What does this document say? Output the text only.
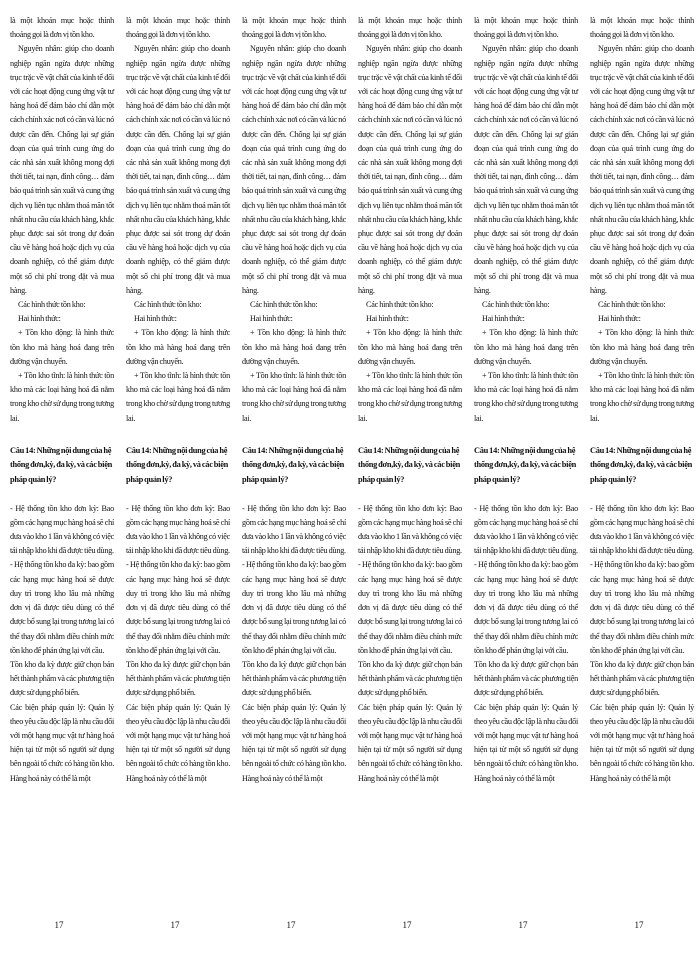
là một khoản mục hoặc thỉnh thoảng gọi là đơn vị tồn kho.

Nguyên nhân: giúp cho doanh nghiệp ngăn ngừa được những trục trặc về vật chất của kinh tế đối với các hoạt động cung ứng vật tư hàng hoá để đảm bảo chỉ dẫn một cách chính xác nơi có cần và lúc nó được cần đến. Chống lại sự gián đoạn của quá trình cung ứng do các nhà sản xuất không mong đợi thời tiết, tai nạn, đình công… đảm bảo quá trình sản xuất và cung ứng dịch vụ liên tục nhằm thoả mãn tốt nhất nhu cầu của khách hàng, khắc phục được sai sót trong dự đoán cầu về hàng hoá hoặc dịch vụ của doanh nghiệp, có thể giảm được một số chi phí trong đặt và mua hàng.

Các hình thức tồn kho:

Hai hình thức:

+ Tồn kho động: là hình thức tồn kho mà hàng hoá đang trên đường vận chuyển.

+ Tồn kho tĩnh: là hình thức tồn kho mà các loại hàng hoá đã nằm trong kho chờ sử dụng trong tương lai.

Câu 14: Những nội dung của hệ thống đơn,kỳ, đa kỳ, và các biện pháp quản lý?

- Hệ thống tồn kho đơn kỳ: Bao gồm các hạng mục hàng hoá sẽ chỉ đưa vào kho 1 lần và không có việc tái nhập kho khi đã được tiêu dùng.

- Hệ thống tồn kho đa kỳ: bao gồm các hạng mục hàng hoá sẽ được duy trì trong kho lâu mà những đơn vị đã được tiêu dùng có thể được bổ sung lại trong tương lai có thể thay đổi nhằm điều chỉnh mức tồn kho để phản ứng lại với cầu.

Tồn kho đa kỳ được giữ chọn bán hết thành phẩm và các phương tiện được sử dụng phổ biến.

Các biện pháp quản lý: Quản lý theo yêu cầu độc lập là nhu cầu đối với một hạng mục vật tư hàng hoá hiện tại từ một số người sử dụng bên ngoài tổ chức có hàng tồn kho. Hàng hoá này có thể là một

17

là một khoản mục hoặc thỉnh thoảng gọi là đơn vị tồn kho.

Nguyên nhân: giúp cho doanh nghiệp ngăn ngừa được những trục trặc về vật chất của kinh tế đối với các hoạt động cung ứng vật tư hàng hoá để đảm bảo chỉ dẫn một cách chính xác nơi có cần và lúc nó được cần đến. Chống lại sự gián đoạn của quá trình cung ứng do các nhà sản xuất không mong đợi thời tiết, tai nạn, đình công… đảm bảo quá trình sản xuất và cung ứng dịch vụ liên tục nhằm thoả mãn tốt nhất nhu cầu của khách hàng, khắc phục được sai sót trong dự đoán cầu về hàng hoá hoặc dịch vụ của doanh nghiệp, có thể giảm được một số chi phí trong đặt và mua hàng.

Các hình thức tồn kho:

Hai hình thức:

+ Tồn kho động: là hình thức tồn kho mà hàng hoá đang trên đường vận chuyển.

+ Tồn kho tĩnh: là hình thức tồn kho mà các loại hàng hoá đã nằm trong kho chờ sử dụng trong tương lai.

Câu 14: Những nội dung của hệ thống đơn,kỳ, đa kỳ, và các biện pháp quản lý?

- Hệ thống tồn kho đơn kỳ: Bao gồm các hạng mục hàng hoá sẽ chỉ đưa vào kho 1 lần và không có việc tái nhập kho khi đã được tiêu dùng.

- Hệ thống tồn kho đa kỳ: bao gồm các hạng mục hàng hoá sẽ được duy trì trong kho lâu mà những đơn vị đã được tiêu dùng có thể được bổ sung lại trong tương lai có thể thay đổi nhằm điều chỉnh mức tồn kho để phản ứng lại với cầu.

Tồn kho đa kỳ được giữ chọn bán hết thành phẩm và các phương tiện được sử dụng phổ biến.

Các biện pháp quản lý: Quản lý theo yêu cầu độc lập là nhu cầu đối với một hạng mục vật tư hàng hoá hiện tại từ một số người sử dụng bên ngoài tổ chức có hàng tồn kho. Hàng hoá này có thể là một

17

là một khoản mục hoặc thỉnh thoảng gọi là đơn vị tồn kho.

Nguyên nhân: giúp cho doanh nghiệp ngăn ngừa được những trục trặc về vật chất của kinh tế đối với các hoạt động cung ứng vật tư hàng hoá để đảm bảo chỉ dẫn một cách chính xác nơi có cần và lúc nó được cần đến. Chống lại sự gián đoạn của quá trình cung ứng do các nhà sản xuất không mong đợi thời tiết, tai nạn, đình công… đảm bảo quá trình sản xuất và cung ứng dịch vụ liên tục nhằm thoả mãn tốt nhất nhu cầu của khách hàng, khắc phục được sai sót trong dự đoán cầu về hàng hoá hoặc dịch vụ của doanh nghiệp, có thể giảm được một số chi phí trong đặt và mua hàng.

Các hình thức tồn kho:

Hai hình thức:

+ Tồn kho động: là hình thức tồn kho mà hàng hoá đang trên đường vận chuyển.

+ Tồn kho tĩnh: là hình thức tồn kho mà các loại hàng hoá đã nằm trong kho chờ sử dụng trong tương lai.

Câu 14: Những nội dung của hệ thống đơn,kỳ, đa kỳ, và các biện pháp quản lý?

- Hệ thống tồn kho đơn kỳ: Bao gồm các hạng mục hàng hoá sẽ chỉ đưa vào kho 1 lần và không có việc tái nhập kho khi đã được tiêu dùng.

- Hệ thống tồn kho đa kỳ: bao gồm các hạng mục hàng hoá sẽ được duy trì trong kho lâu mà những đơn vị đã được tiêu dùng có thể được bổ sung lại trong tương lai có thể thay đổi nhằm điều chỉnh mức tồn kho để phản ứng lại với cầu.

Tồn kho đa kỳ được giữ chọn bán hết thành phẩm và các phương tiện được sử dụng phổ biến.

Các biện pháp quản lý: Quản lý theo yêu cầu độc lập là nhu cầu đối với một hạng mục vật tư hàng hoá hiện tại từ một số người sử dụng bên ngoài tổ chức có hàng tồn kho. Hàng hoá này có thể là một

17

là một khoản mục hoặc thỉnh thoảng gọi là đơn vị tồn kho.

Nguyên nhân: giúp cho doanh nghiệp ngăn ngừa được những trục trặc về vật chất của kinh tế đối với các hoạt động cung ứng vật tư hàng hoá để đảm bảo chỉ dẫn một cách chính xác nơi có cần và lúc nó được cần đến. Chống lại sự gián đoạn của quá trình cung ứng do các nhà sản xuất không mong đợi thời tiết, tai nạn, đình công… đảm bảo quá trình sản xuất và cung ứng dịch vụ liên tục nhằm thoả mãn tốt nhất nhu cầu của khách hàng, khắc phục được sai sót trong dự đoán cầu về hàng hoá hoặc dịch vụ của doanh nghiệp, có thể giảm được một số chi phí trong đặt và mua hàng.

Các hình thức tồn kho:

Hai hình thức:

+ Tồn kho động: là hình thức tồn kho mà hàng hoá đang trên đường vận chuyển.

+ Tồn kho tĩnh: là hình thức tồn kho mà các loại hàng hoá đã nằm trong kho chờ sử dụng trong tương lai.

Câu 14: Những nội dung của hệ thống đơn,kỳ, đa kỳ, và các biện pháp quản lý?

- Hệ thống tồn kho đơn kỳ: Bao gồm các hạng mục hàng hoá sẽ chỉ đưa vào kho 1 lần và không có việc tái nhập kho khi đã được tiêu dùng.

- Hệ thống tồn kho đa kỳ: bao gồm các hạng mục hàng hoá sẽ được duy trì trong kho lâu mà những đơn vị đã được tiêu dùng có thể được bổ sung lại trong tương lai có thể thay đổi nhằm điều chỉnh mức tồn kho để phản ứng lại với cầu.

Tồn kho đa kỳ được giữ chọn bán hết thành phẩm và các phương tiện được sử dụng phổ biến.

Các biện pháp quản lý: Quản lý theo yêu cầu độc lập là nhu cầu đối với một hạng mục vật tư hàng hoá hiện tại từ một số người sử dụng bên ngoài tổ chức có hàng tồn kho. Hàng hoá này có thể là một

17

là một khoản mục hoặc thỉnh thoảng gọi là đơn vị tồn kho.

Nguyên nhân: giúp cho doanh nghiệp ngăn ngừa được những trục trặc về vật chất của kinh tế đối với các hoạt động cung ứng vật tư hàng hoá để đảm bảo chỉ dẫn một cách chính xác nơi có cần và lúc nó được cần đến. Chống lại sự gián đoạn của quá trình cung ứng do các nhà sản xuất không mong đợi thời tiết, tai nạn, đình công… đảm bảo quá trình sản xuất và cung ứng dịch vụ liên tục nhằm thoả mãn tốt nhất nhu cầu của khách hàng, khắc phục được sai sót trong dự đoán cầu về hàng hoá hoặc dịch vụ của doanh nghiệp, có thể giảm được một số chi phí trong đặt và mua hàng.

Các hình thức tồn kho:

Hai hình thức:

+ Tồn kho động: là hình thức tồn kho mà hàng hoá đang trên đường vận chuyển.

+ Tồn kho tĩnh: là hình thức tồn kho mà các loại hàng hoá đã nằm trong kho chờ sử dụng trong tương lai.

Câu 14: Những nội dung của hệ thống đơn,kỳ, đa kỳ, và các biện pháp quản lý?

- Hệ thống tồn kho đơn kỳ: Bao gồm các hạng mục hàng hoá sẽ chỉ đưa vào kho 1 lần và không có việc tái nhập kho khi đã được tiêu dùng.

- Hệ thống tồn kho đa kỳ: bao gồm các hạng mục hàng hoá sẽ được duy trì trong kho lâu mà những đơn vị đã được tiêu dùng có thể được bổ sung lại trong tương lai có thể thay đổi nhằm điều chỉnh mức tồn kho để phản ứng lại với cầu.

Tồn kho đa kỳ được giữ chọn bán hết thành phẩm và các phương tiện được sử dụng phổ biến.

Các biện pháp quản lý: Quản lý theo yêu cầu độc lập là nhu cầu đối với một hạng mục vật tư hàng hoá hiện tại từ một số người sử dụng bên ngoài tổ chức có hàng tồn kho. Hàng hoá này có thể là một

17

là một khoản mục hoặc thỉnh thoảng gọi là đơn vị tồn kho.

Nguyên nhân: giúp cho doanh nghiệp ngăn ngừa được những trục trặc về vật chất của kinh tế đối với các hoạt động cung ứng vật tư hàng hoá để đảm bảo chỉ dẫn một cách chính xác nơi có cần và lúc nó được cần đến. Chống lại sự gián đoạn của quá trình cung ứng do các nhà sản xuất không mong đợi thời tiết, tai nạn, đình công… đảm bảo quá trình sản xuất và cung ứng dịch vụ liên tục nhằm thoả mãn tốt nhất nhu cầu của khách hàng, khắc phục được sai sót trong dự đoán cầu về hàng hoá hoặc dịch vụ của doanh nghiệp, có thể giảm được một số chi phí trong đặt và mua hàng.

Các hình thức tồn kho:

Hai hình thức:

+ Tồn kho động: là hình thức tồn kho mà hàng hoá đang trên đường vận chuyển.

+ Tồn kho tĩnh: là hình thức tồn kho mà các loại hàng hoá đã nằm trong kho chờ sử dụng trong tương lai.

Câu 14: Những nội dung của hệ thống đơn,kỳ, đa kỳ, và các biện pháp quản lý?

- Hệ thống tồn kho đơn kỳ: Bao gồm các hạng mục hàng hoá sẽ chỉ đưa vào kho 1 lần và không có việc tái nhập kho khi đã được tiêu dùng.

- Hệ thống tồn kho đa kỳ: bao gồm các hạng mục hàng hoá sẽ được duy trì trong kho lâu mà những đơn vị đã được tiêu dùng có thể được bổ sung lại trong tương lai có thể thay đổi nhằm điều chỉnh mức tồn kho để phản ứng lại với cầu.

Tồn kho đa kỳ được giữ chọn bán hết thành phẩm và các phương tiện được sử dụng phổ biến.

Các biện pháp quản lý: Quản lý theo yêu cầu độc lập là nhu cầu đối với một hạng mục vật tư hàng hoá hiện tại từ một số người sử dụng bên ngoài tổ chức có hàng tồn kho. Hàng hoá này có thể là một

17
